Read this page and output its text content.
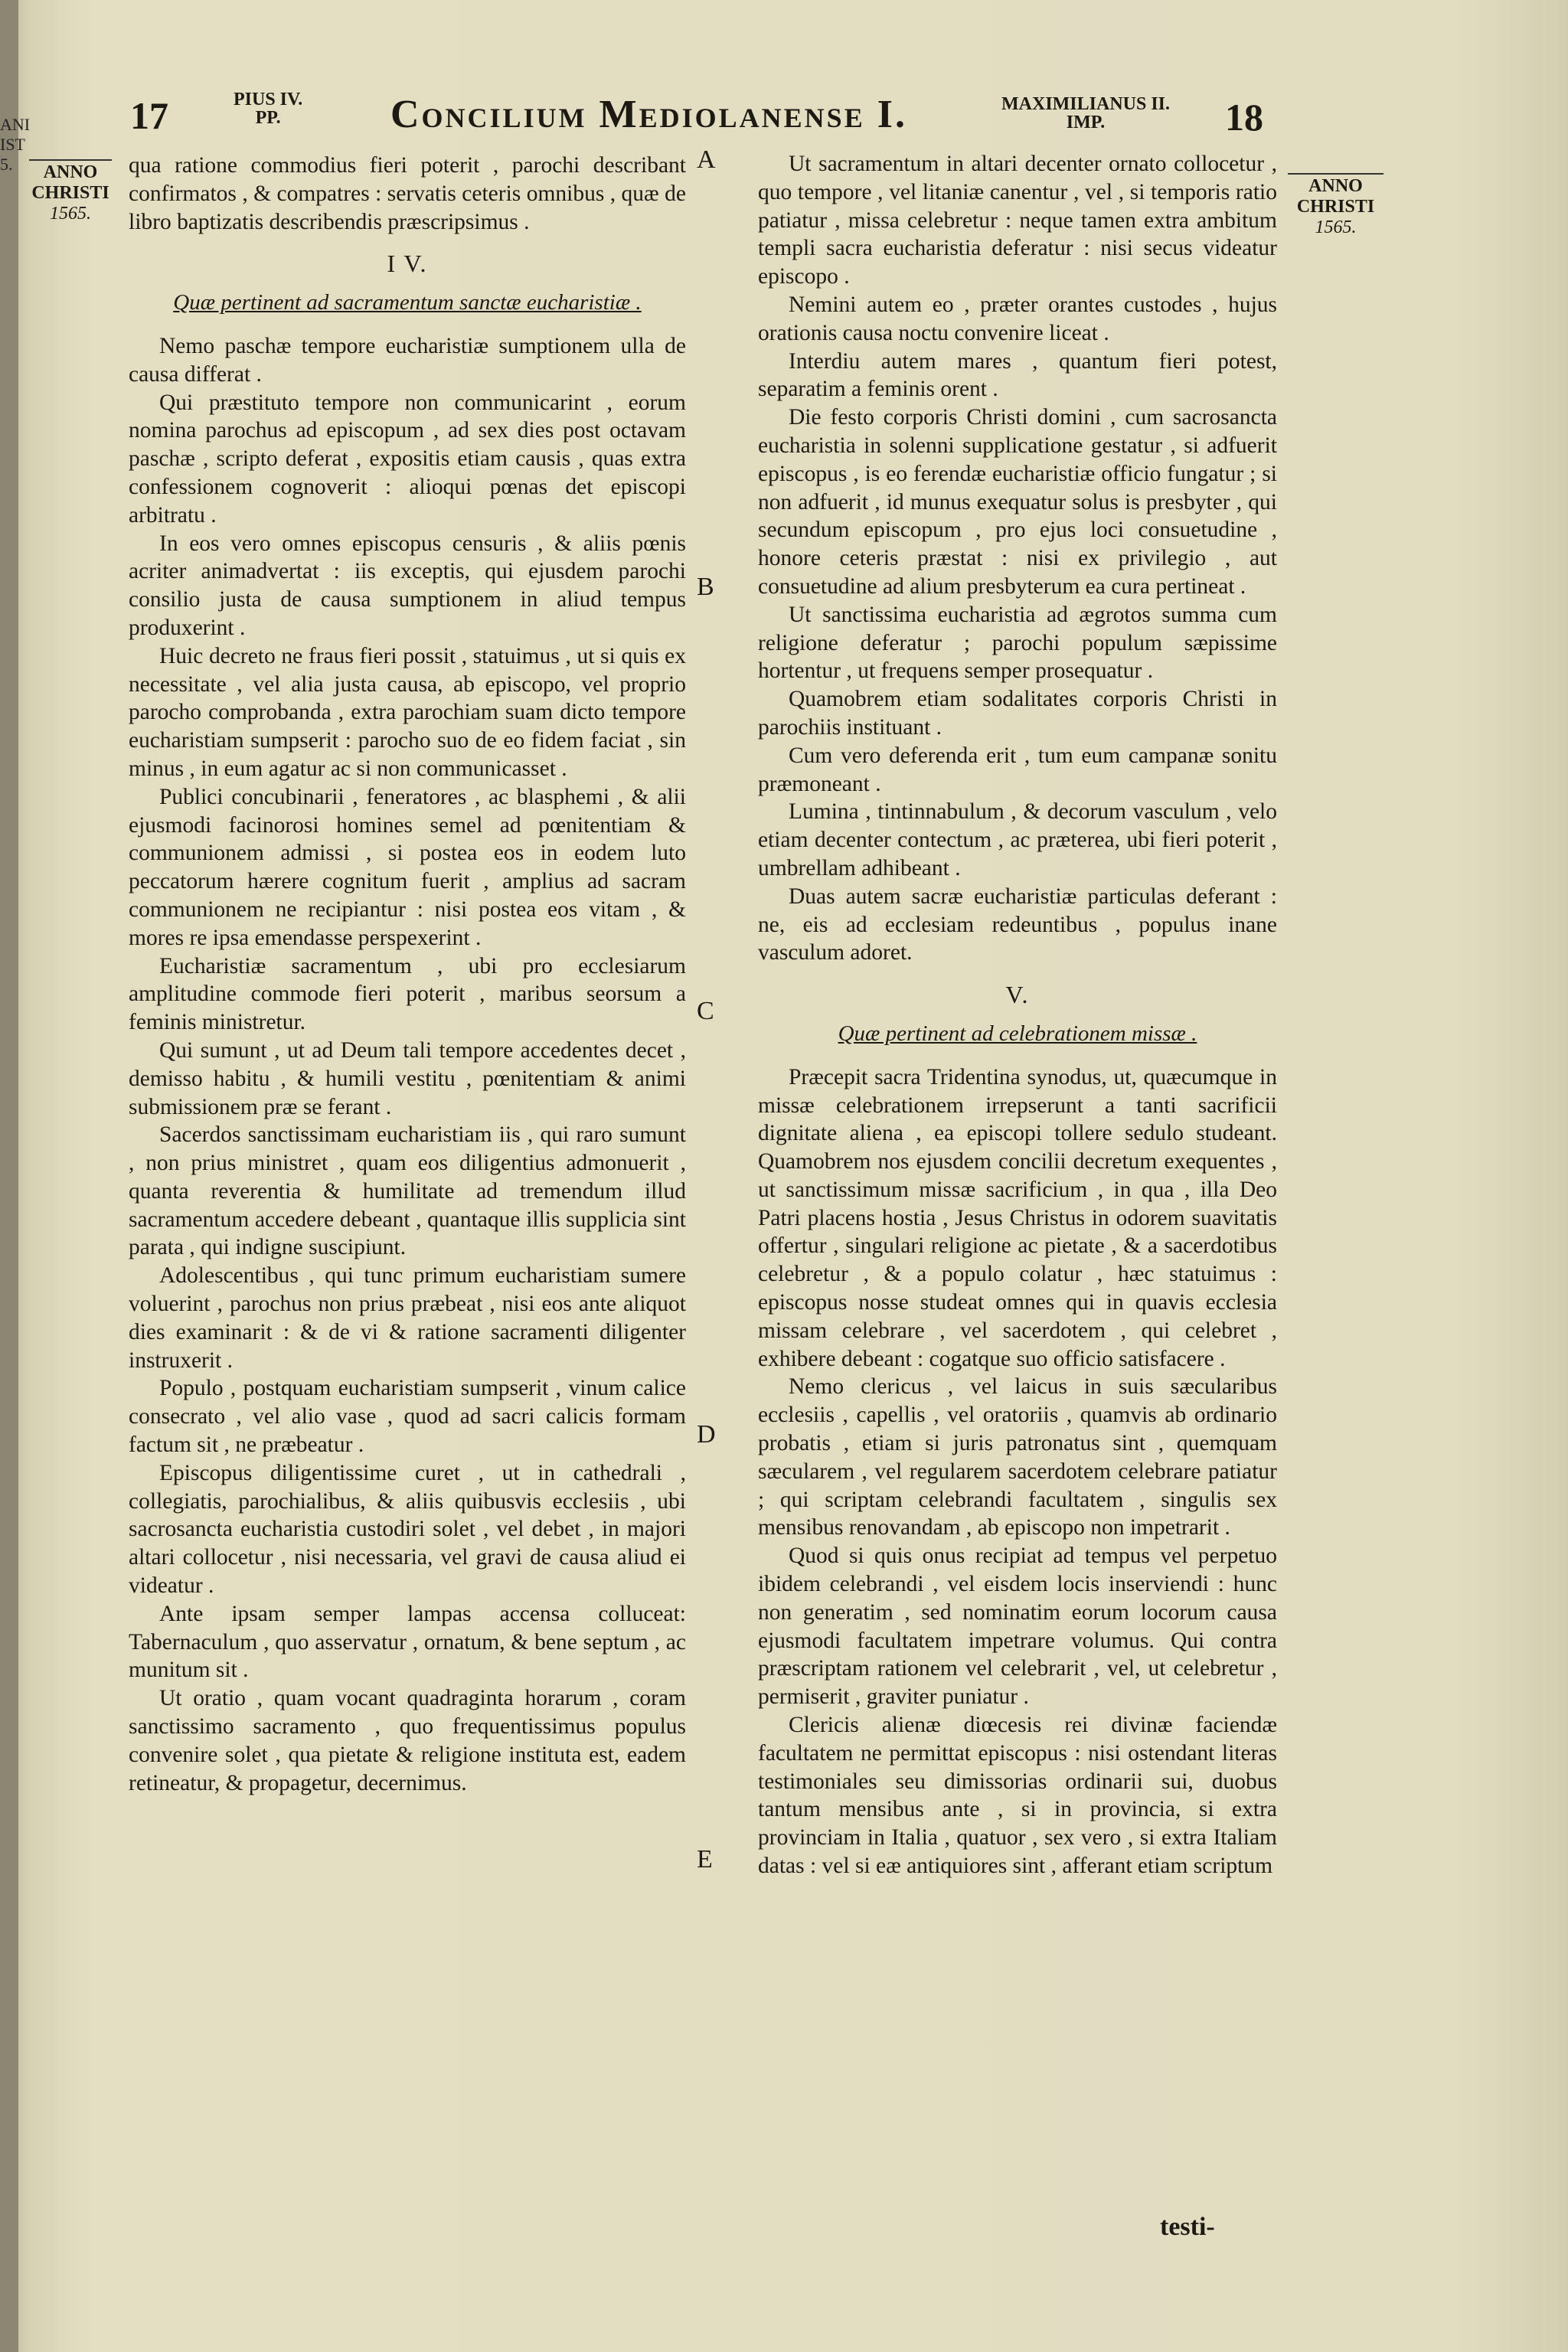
ANI
IST
5.
17	PIUS IV.
PP.	Concilium Mediolanense I.	MAXIMILIANUS II.
IMP.	18
ANNO
CHRISTI
1565.
ANNO
CHRISTI
1565.
A
B
C
D
E

qua ratione commodius fieri poterit , parochi describant confirmatos , & compatres : servatis ceteris omnibus , quæ de libro baptizatis describendis præscripsimus .

I V.
Quæ pertinent ad sacramentum sanctæ eucharistiæ .

Nemo paschæ tempore eucharistiæ sumptionem ulla de causa differat .

Qui præstituto tempore non communicarint , eorum nomina parochus ad episcopum , ad sex dies post octavam paschæ , scripto deferat , expositis etiam causis , quas extra confessionem cognoverit : alioqui pœnas det episcopi arbitratu .

In eos vero omnes episcopus censuris , & aliis pœnis acriter animadvertat : iis exceptis, qui ejusdem parochi consilio justa de causa sumptionem in aliud tempus produxerint .

Huic decreto ne fraus fieri possit , statuimus , ut si quis ex necessitate , vel alia justa causa, ab episcopo, vel proprio parocho comprobanda , extra parochiam suam dicto tempore eucharistiam sumpserit : parocho suo de eo fidem faciat , sin minus , in eum agatur ac si non communicasset .

Publici concubinarii , feneratores , ac blasphemi , & alii ejusmodi facinorosi homines semel ad pœnitentiam & communionem admissi , si postea eos in eodem luto peccatorum hærere cognitum fuerit , amplius ad sacram communionem ne recipiantur : nisi postea eos vitam , & mores re ipsa emendasse perspexerint .

Eucharistiæ sacramentum , ubi pro ecclesiarum amplitudine commode fieri poterit , maribus seorsum a feminis ministretur.

Qui sumunt , ut ad Deum tali tempore accedentes decet , demisso habitu , & humili vestitu , pœnitentiam & animi submissionem præ se ferant .

Sacerdos sanctissimam eucharistiam iis , qui raro sumunt , non prius ministret , quam eos diligentius admonuerit , quanta reverentia & humilitate ad tremendum illud sacramentum accedere debeant , quantaque illis supplicia sint parata , qui indigne suscipiunt.

Adolescentibus , qui tunc primum eucharistiam sumere voluerint , parochus non prius præbeat , nisi eos ante aliquot dies examinarit : & de vi & ratione sacramenti diligenter instruxerit .

Populo , postquam eucharistiam sumpserit , vinum calice consecrato , vel alio vase , quod ad sacri calicis formam factum sit , ne præbeatur .

Episcopus diligentissime curet , ut in cathedrali , collegiatis, parochialibus, & aliis quibusvis ecclesiis , ubi sacrosancta eucharistia custodiri solet , vel debet , in majori altari collocetur , nisi necessaria, vel gravi de causa aliud ei videatur .

Ante ipsam semper lampas accensa colluceat: Tabernaculum , quo asservatur , ornatum, & bene septum , ac munitum sit .

Ut oratio , quam vocant quadraginta horarum , coram sanctissimo sacramento , quo frequentissimus populus convenire solet , qua pietate & religione instituta est, eadem retineatur, & propagetur, decernimus.

Ut sacramentum in altari decenter ornato collocetur , quo tempore , vel litaniæ canentur , vel , si temporis ratio patiatur , missa celebretur : neque tamen extra ambitum templi sacra eucharistia deferatur : nisi secus videatur episcopo .

Nemini autem eo , præter orantes custodes , hujus orationis causa noctu convenire liceat .

Interdiu autem mares , quantum fieri potest, separatim a feminis orent .

Die festo corporis Christi domini , cum sacrosancta eucharistia in solenni supplicatione gestatur , si adfuerit episcopus , is eo ferendæ eucharistiæ officio fungatur ; si non adfuerit , id munus exequatur solus is presbyter , qui secundum episcopum , pro ejus loci consuetudine , honore ceteris præstat : nisi ex privilegio , aut consuetudine ad alium presbyterum ea cura pertineat .

Ut sanctissima eucharistia ad ægrotos summa cum religione deferatur ; parochi populum sæpissime hortentur , ut frequens semper prosequatur .

Quamobrem etiam sodalitates corporis Christi in parochiis instituant .

Cum vero deferenda erit , tum eum campanæ sonitu præmoneant .

Lumina , tintinnabulum , & decorum vasculum , velo etiam decenter contectum , ac præterea, ubi fieri poterit , umbrellam adhibeant .

Duas autem sacræ eucharistiæ particulas deferant : ne, eis ad ecclesiam redeuntibus , populus inane vasculum adoret.

V.
Quæ pertinent ad celebrationem missæ .

Præcepit sacra Tridentina synodus, ut, quæcumque in missæ celebrationem irrepserunt a tanti sacrificii dignitate aliena , ea episcopi tollere sedulo studeant. Quamobrem nos ejusdem concilii decretum exequentes , ut sanctissimum missæ sacrificium , in qua , illa Deo Patri placens hostia , Jesus Christus in odorem suavitatis offertur , singulari religione ac pietate , & a sacerdotibus celebretur , & a populo colatur , hæc statuimus : episcopus nosse studeat omnes qui in quavis ecclesia missam celebrare , vel sacerdotem , qui celebret , exhibere debeant : cogatque suo officio satisfacere .

Nemo clericus , vel laicus in suis sæcularibus ecclesiis , capellis , vel oratoriis , quamvis ab ordinario probatis , etiam si juris patronatus sint , quemquam sæcularem , vel regularem sacerdotem celebrare patiatur ; qui scriptam celebrandi facultatem , singulis sex mensibus renovandam , ab episcopo non impetrarit .

Quod si quis onus recipiat ad tempus vel perpetuo ibidem celebrandi , vel eisdem locis inserviendi : hunc non generatim , sed nominatim eorum locorum causa ejusmodi facultatem impetrare volumus. Qui contra præscriptam rationem vel celebrarit , vel, ut celebretur , permiserit , graviter puniatur .

Clericis alienæ diœcesis rei divinæ faciendæ facultatem ne permittat episcopus : nisi ostendant literas testimoniales seu dimissorias ordinarii sui, duobus tantum mensibus ante , si in provincia, si extra provinciam in Italia , quatuor , sex vero , si extra Italiam datas : vel si eæ antiquiores sint , afferant etiam scriptum

testi-
